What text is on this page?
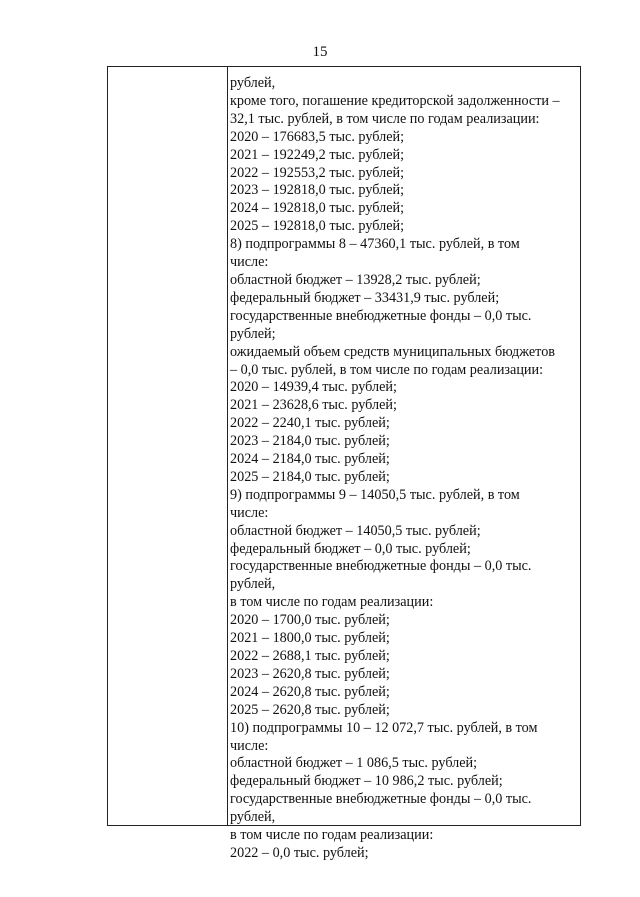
15
рублей,
кроме того, погашение кредиторской задолженности –
32,1 тыс. рублей, в том числе по годам реализации:
2020 – 176683,5 тыс. рублей;
2021 – 192249,2 тыс. рублей;
2022 – 192553,2 тыс. рублей;
2023 – 192818,0 тыс. рублей;
2024 – 192818,0 тыс. рублей;
2025 – 192818,0 тыс. рублей;
8) подпрограммы 8 – 47360,1 тыс. рублей, в том
числе:
областной бюджет – 13928,2 тыс. рублей;
федеральный бюджет – 33431,9 тыс. рублей;
государственные внебюджетные фонды – 0,0 тыс.
рублей;
ожидаемый объем средств муниципальных бюджетов
– 0,0 тыс. рублей, в том числе по годам реализации:
2020 – 14939,4 тыс. рублей;
2021 – 23628,6 тыс. рублей;
2022 – 2240,1 тыс. рублей;
2023 – 2184,0 тыс. рублей;
2024 – 2184,0 тыс. рублей;
2025 – 2184,0 тыс. рублей;
9) подпрограммы 9 – 14050,5 тыс. рублей, в том
числе:
областной бюджет – 14050,5 тыс. рублей;
федеральный бюджет – 0,0 тыс. рублей;
государственные внебюджетные фонды – 0,0 тыс.
рублей,
в том числе по годам реализации:
2020 – 1700,0 тыс. рублей;
2021 – 1800,0 тыс. рублей;
2022 – 2688,1 тыс. рублей;
2023 – 2620,8 тыс. рублей;
2024 – 2620,8 тыс. рублей;
2025 – 2620,8 тыс. рублей;
10) подпрограммы 10 – 12 072,7 тыс. рублей, в том
числе:
областной бюджет – 1 086,5 тыс. рублей;
федеральный бюджет – 10 986,2 тыс. рублей;
государственные внебюджетные фонды – 0,0 тыс.
рублей,
в том числе по годам реализации:
2022 – 0,0 тыс. рублей;
